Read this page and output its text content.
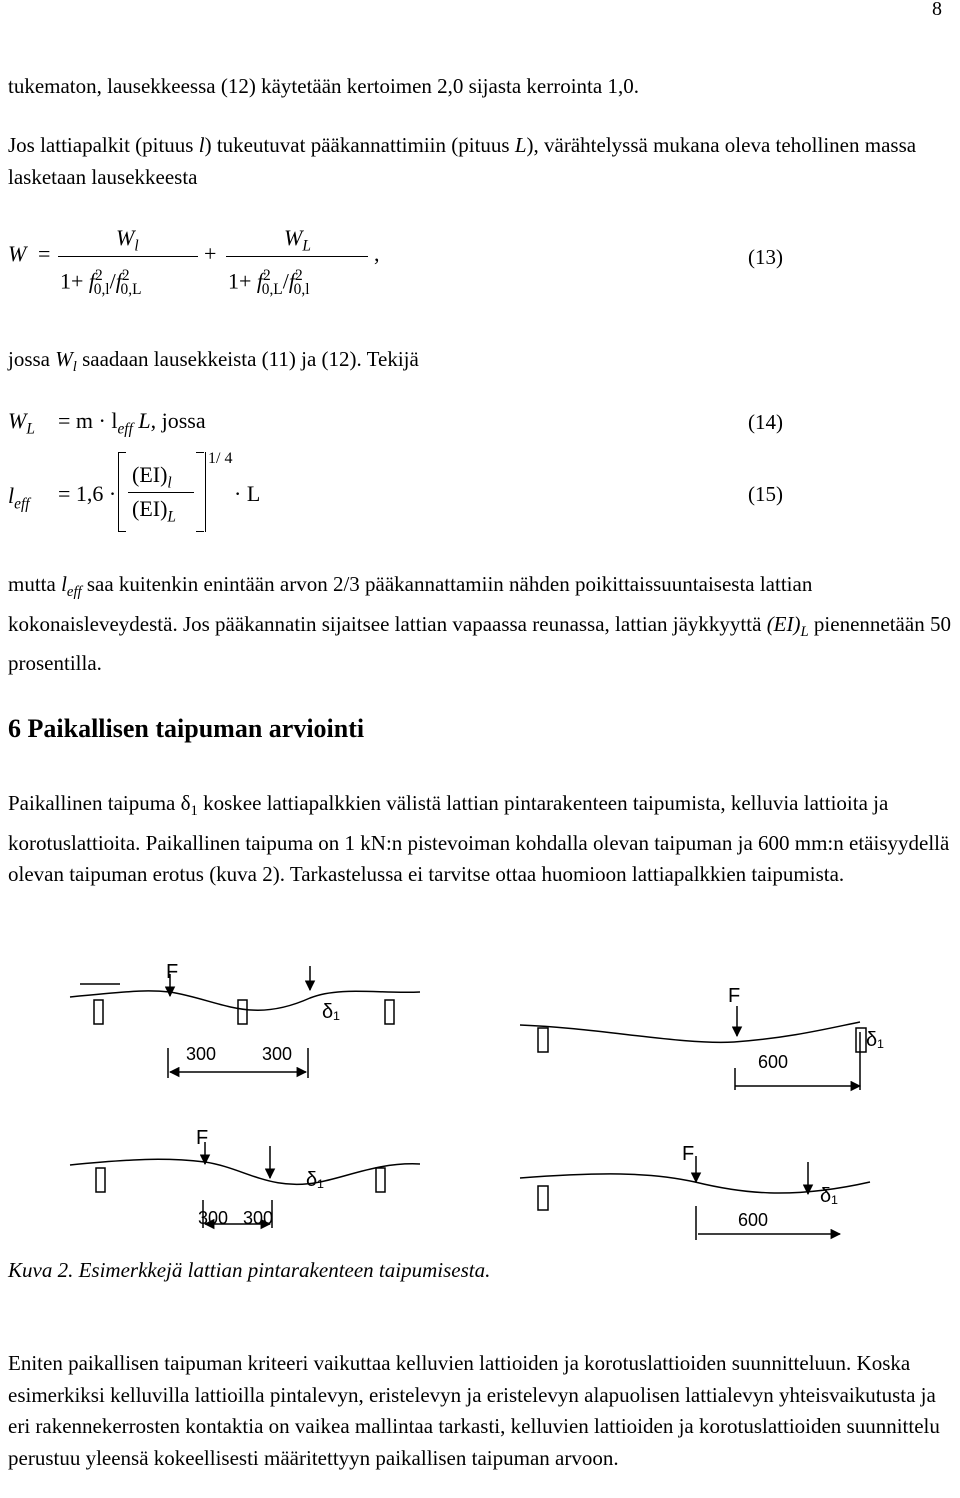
8

tukematon, lausekkeessa (12) käytetään kertoimen 2,0 sijasta kerrointa 1,0.

Jos lattiapalkit (pituus l) tukeutuvat pääkannattimiin (pituus L), värähtelyssä mukana oleva tehollinen massa lasketaan lausekkeesta

W =
$W_l$
$1+ f^2_{0,l}/f^2_{0,L}$
+
$W_L$
$1+ f^2_{0,L}/f^2_{0,l}$
,	(13)

jossa $W_l$ saadaan lausekkeista (11) ja (12). Tekijä

$W_L = m \cdot l_{eff}$ L, jossa	(14)
$l_{eff} = 1,6$ ·
$(EI)_l$
$(EI)_L$
1/ 4
· L	(15)

mutta $l_{eff}$ saa kuitenkin enintään arvon 2/3 pääkannattamiin nähden poikittaissuuntaisesta lattian kokonaisleveydestä. Jos pääkannatin sijaitsee lattian vapaassa reunassa, lattian jäykkyyttä $(EI)_L$ pienennetään 50 prosentilla.

6 Paikallisen taipuman arviointi

Paikallinen taipuma $\delta_1$ koskee lattiapalkkien välistä lattian pintarakenteen taipumista, kelluvia lattioita ja korotuslattioita. Paikallinen taipuma on 1 kN:n pistevoiman kohdalla olevan taipuman ja 600 mm:n etäisyydellä olevan taipuman erotus (kuva 2). Tarkastelussa ei tarvitse ottaa huomioon lattiapalkkien taipumista.

F
300	300
δ₁
F
600
δ₁
F
300 300
δ₁
F
600
δ₁
Kuva 2. Esimerkkejä lattian pintarakenteen taipumisesta.

Eniten paikallisen taipuman kriteeri vaikuttaa kelluvien lattioiden ja korotuslattioiden suunnitteluun. Koska esimerkiksi kelluvilla lattioilla pintalevyn, eristelevyn ja eristelevyn alapuolisen lattialevyn yhteisvaikutusta ja eri rakennekerrosten kontaktia on vaikea mallintaa tarkasti, kelluvien lattioiden ja korotuslattioiden suunnittelu perustuu yleensä kokeellisesti määritettyyn paikallisen taipuman arvoon.
